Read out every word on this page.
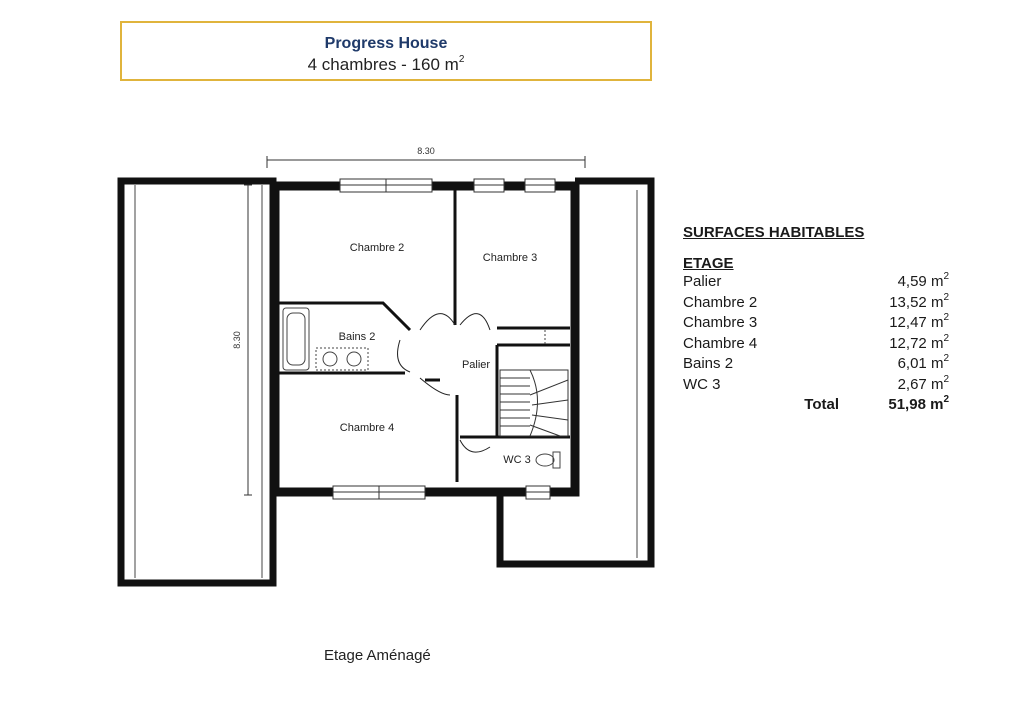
Progress House
4 chambres - 160 $m^2$
8.30
8.30
Chambre 2
Chambre 3
Bains 2
Palier
Chambre 4
WC 3
SURFACES HABITABLES
ETAGE
Palier	4,59 $m^2$
Chambre 2	13,52 $m^2$
Chambre 3	12,47 $m^2$
Chambre 4	12,72 $m^2$
Bains 2	6,01 $m^2$
WC 3	2,67 $m^2$
Total	51,98 $m^2$
Etage Aménagé
